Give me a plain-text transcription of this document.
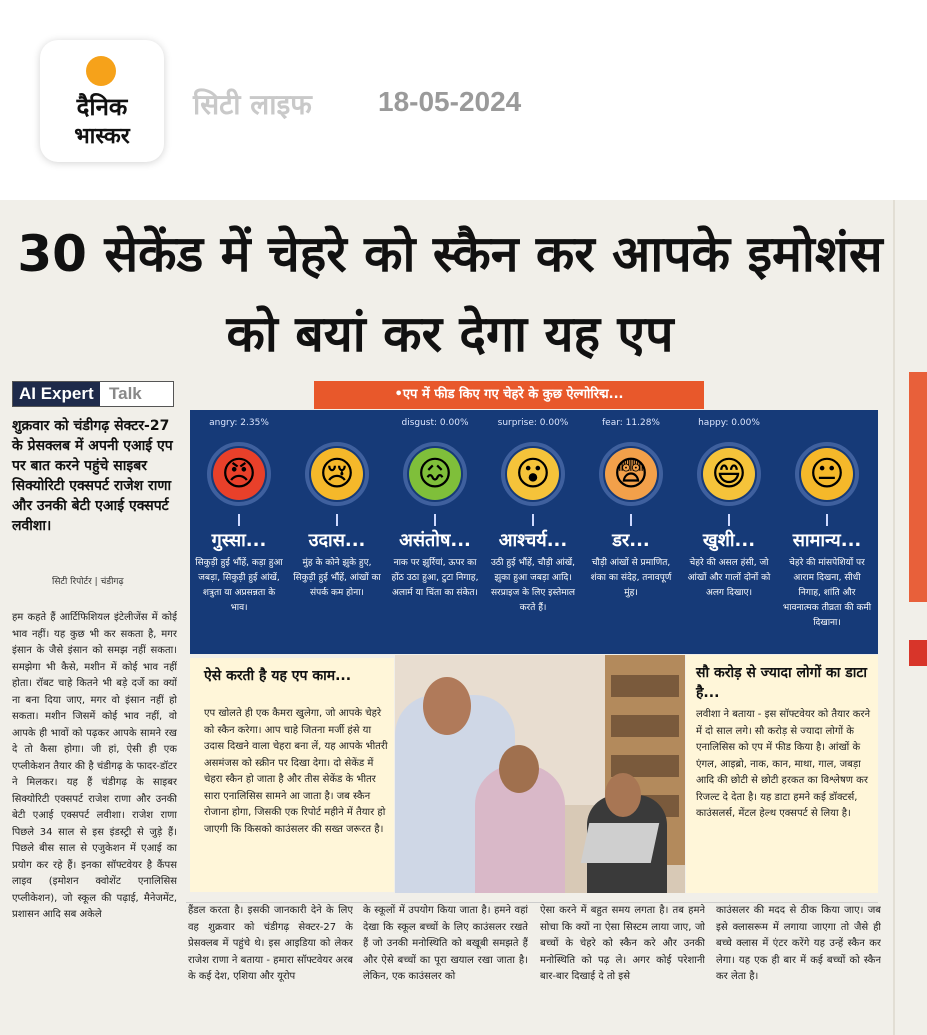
दैनिक
भास्कर
सिटी लाइफ 18-05-2024
30 सेकेंड में चेहरे को स्कैन कर आपके इमोशंस को बयां कर देगा यह एप
AI Expert Talk
शुक्रवार को चंडीगढ़ सेक्टर-27 के प्रेसक्लब में अपनी एआई एप पर बात करने पहुंचे साइबर सिक्योरिटी एक्सपर्ट राजेश राणा और उनकी बेटी एआई एक्सपर्ट लवीशा।
सिटी रिपोर्टर | चंडीगढ़
•एप में फीड किए गए चेहरे के कुछ ऐल्गोरिद्म...
angry: 2.35%
😠
गुस्सा...
सिकुड़ी हुई भौंहें, कड़ा हुआ जबड़ा, सिकुड़ी हुई आंखें, शत्रुता या अप्रसन्नता के भाव।
😢
उदास...
मुंह के कोने झुके हुए, सिकुड़ी हुई भौंहें, आंखों का संपर्क कम होना।
disgust: 0.00%
😖
असंतोष...
नाक पर झुर्रियां, ऊपर का होंठ उठा हुआ, टुटा निगाह, अलार्म या चिंता का संकेत।
surprise: 0.00%
😮
आश्चर्य...
उठी हुई भौंहें, चौड़ी आंखें, झुका हुआ जबड़ा आदि। सरप्राइज के लिए इस्तेमाल करते हैं।
fear: 11.28%
😨
डर...
चौड़ी आंखों से प्रमाणित, शंका का संदेह, तनावपूर्ण मुंह।
happy: 0.00%
😄
खुशी...
चेहरे की असल हंसी, जो आंखों और गालों दोनों को अलग दिखाए।
😐
सामान्य...
चेहरे की मांसपेशियों पर आराम दिखना, सीधी निगाह, शांति और भावनात्मक तीव्रता की कमी दिखाना।
ऐसे करती है यह एप काम...
एप खोलते ही एक कैमरा खुलेगा, जो आपके चेहरे को स्कैन करेगा। आप चाहे जितना मर्जी हंसे या उदास दिखने वाला चेहरा बना लें, यह आपके भीतरी असमंजस को स्क्रीन पर दिखा देगा। दो सेकेंड में चेहरा स्कैन हो जाता है और तीस सेकेंड के भीतर सारा एनालिसिस सामने आ जाता है। जब स्कैन रोजाना होगा, जिसकी एक रिपोर्ट महीने में तैयार हो जाएगी कि किसको काउंसलर की सख्त जरूरत है।
सौ करोड़ से ज्यादा लोगों का डाटा है...
लवीशा ने बताया - इस सॉफ्टवेयर को तैयार करने में दो साल लगे। सौ करोड़ से ज्यादा लोगों के एनालिसिस को एप में फीड किया है। आंखों के एंगल, आइब्रो, नाक, कान, माथा, गाल, जबड़ा आदि की छोटी से छोटी हरकत का विश्लेषण कर रिजल्ट दे देता है। यह डाटा हमने कई डॉक्टर्स, काउंसलर्स, मेंटल हेल्थ एक्सपर्ट से लिया है।
हम कहते हैं आर्टिफिशियल इंटेलीजेंस में कोई भाव नहीं। यह कुछ भी कर सकता है, मगर इंसान के जैसे इंसान को समझ नहीं सकता। समझेगा भी कैसे, मशीन में कोई भाव नहीं होता। रॉबट चाहे कितने भी बड़े दर्जे का क्यों ना बना दिया जाए, मगर वो इंसान नहीं हो सकता। मशीन जिसमें कोई भाव नहीं, वो आपके ही भावों को पढ़कर आपके सामने रख दे तो कैसा होगा। जी हां, ऐसी ही एक एप्लीकेशन तैयार की है चंडीगढ़ के फादर-डॉटर ने मिलकर। यह हैं चंडीगढ़ के साइबर सिक्योरिटी एक्सपर्ट राजेश राणा और उनकी बेटी एआई एक्सपर्ट लवीशा। राजेश राणा पिछले 34 साल से इस इंडस्ट्री से जुड़े हैं। पिछले बीस साल से एजुकेशन में एआई का प्रयोग कर रहे हैं। इनका सॉफ्टवेयर है कैंपस लाइव (इमोशन क्वोशेंट एनालिसिस एप्लीकेशन), जो स्कूल की पढ़ाई, मैनेजमेंट, प्रशासन आदि सब अकेले	हैंडल करता है। इसकी जानकारी देने के लिए वह शुक्रवार को चंडीगढ़ सेक्टर-27 के प्रेसक्लब में पहुंचे थे। इस आइडिया को लेकर राजेश राणा ने बताया - हमारा सॉफ्टवेयर अरब के कई देश, एशिया और यूरोप
के स्कूलों में उपयोग किया जाता है। हमने वहां देखा कि स्कूल बच्चों के लिए काउंसलर रखते हैं जो उनकी मनोस्थिति को बखूबी समझते हैं और ऐसे बच्चों का पूरा खयाल रखा जाता है। लेकिन, एक काउंसलर को
ऐसा करने में बहुत समय लगता है। तब हमने सोचा कि क्यों ना ऐसा सिस्टम लाया जाए, जो बच्चों के चेहरे को स्कैन करे और उनकी मनोस्थिति को पढ़ ले। अगर कोई परेशानी बार-बार दिखाई दे तो इसे
काउंसलर की मदद से ठीक किया जाए। जब इसे क्लासरूम में लगाया जाएगा तो जैसे ही बच्चे क्लास में एंटर करेंगे यह उन्हें स्कैन कर लेगा। यह एक ही बार में कई बच्चों को स्कैन कर लेता है।
